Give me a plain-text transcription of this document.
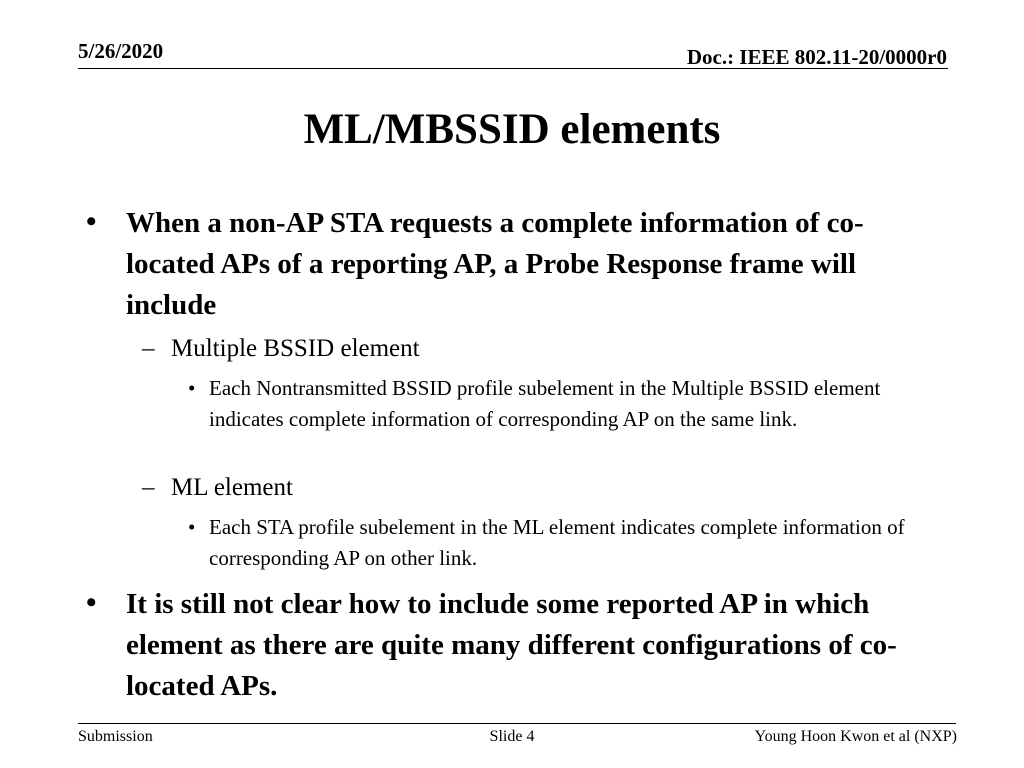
5/26/2020	Doc.: IEEE 802.11-20/0000r0
ML/MBSSID elements
• When a non-AP STA requests a complete information of co-located APs of a reporting AP, a Probe Response frame will include

– Multiple BSSID element

• Each Nontransmitted BSSID profile subelement in the Multiple BSSID element indicates complete information of corresponding AP on the same link.

– ML element

• Each STA profile subelement in the ML element indicates complete information of corresponding AP on other link.

• It is still not clear how to include some reported AP in which element as there are quite many different configurations of co-located APs.

Submission	Slide 4	Young Hoon Kwon et al (NXP)
